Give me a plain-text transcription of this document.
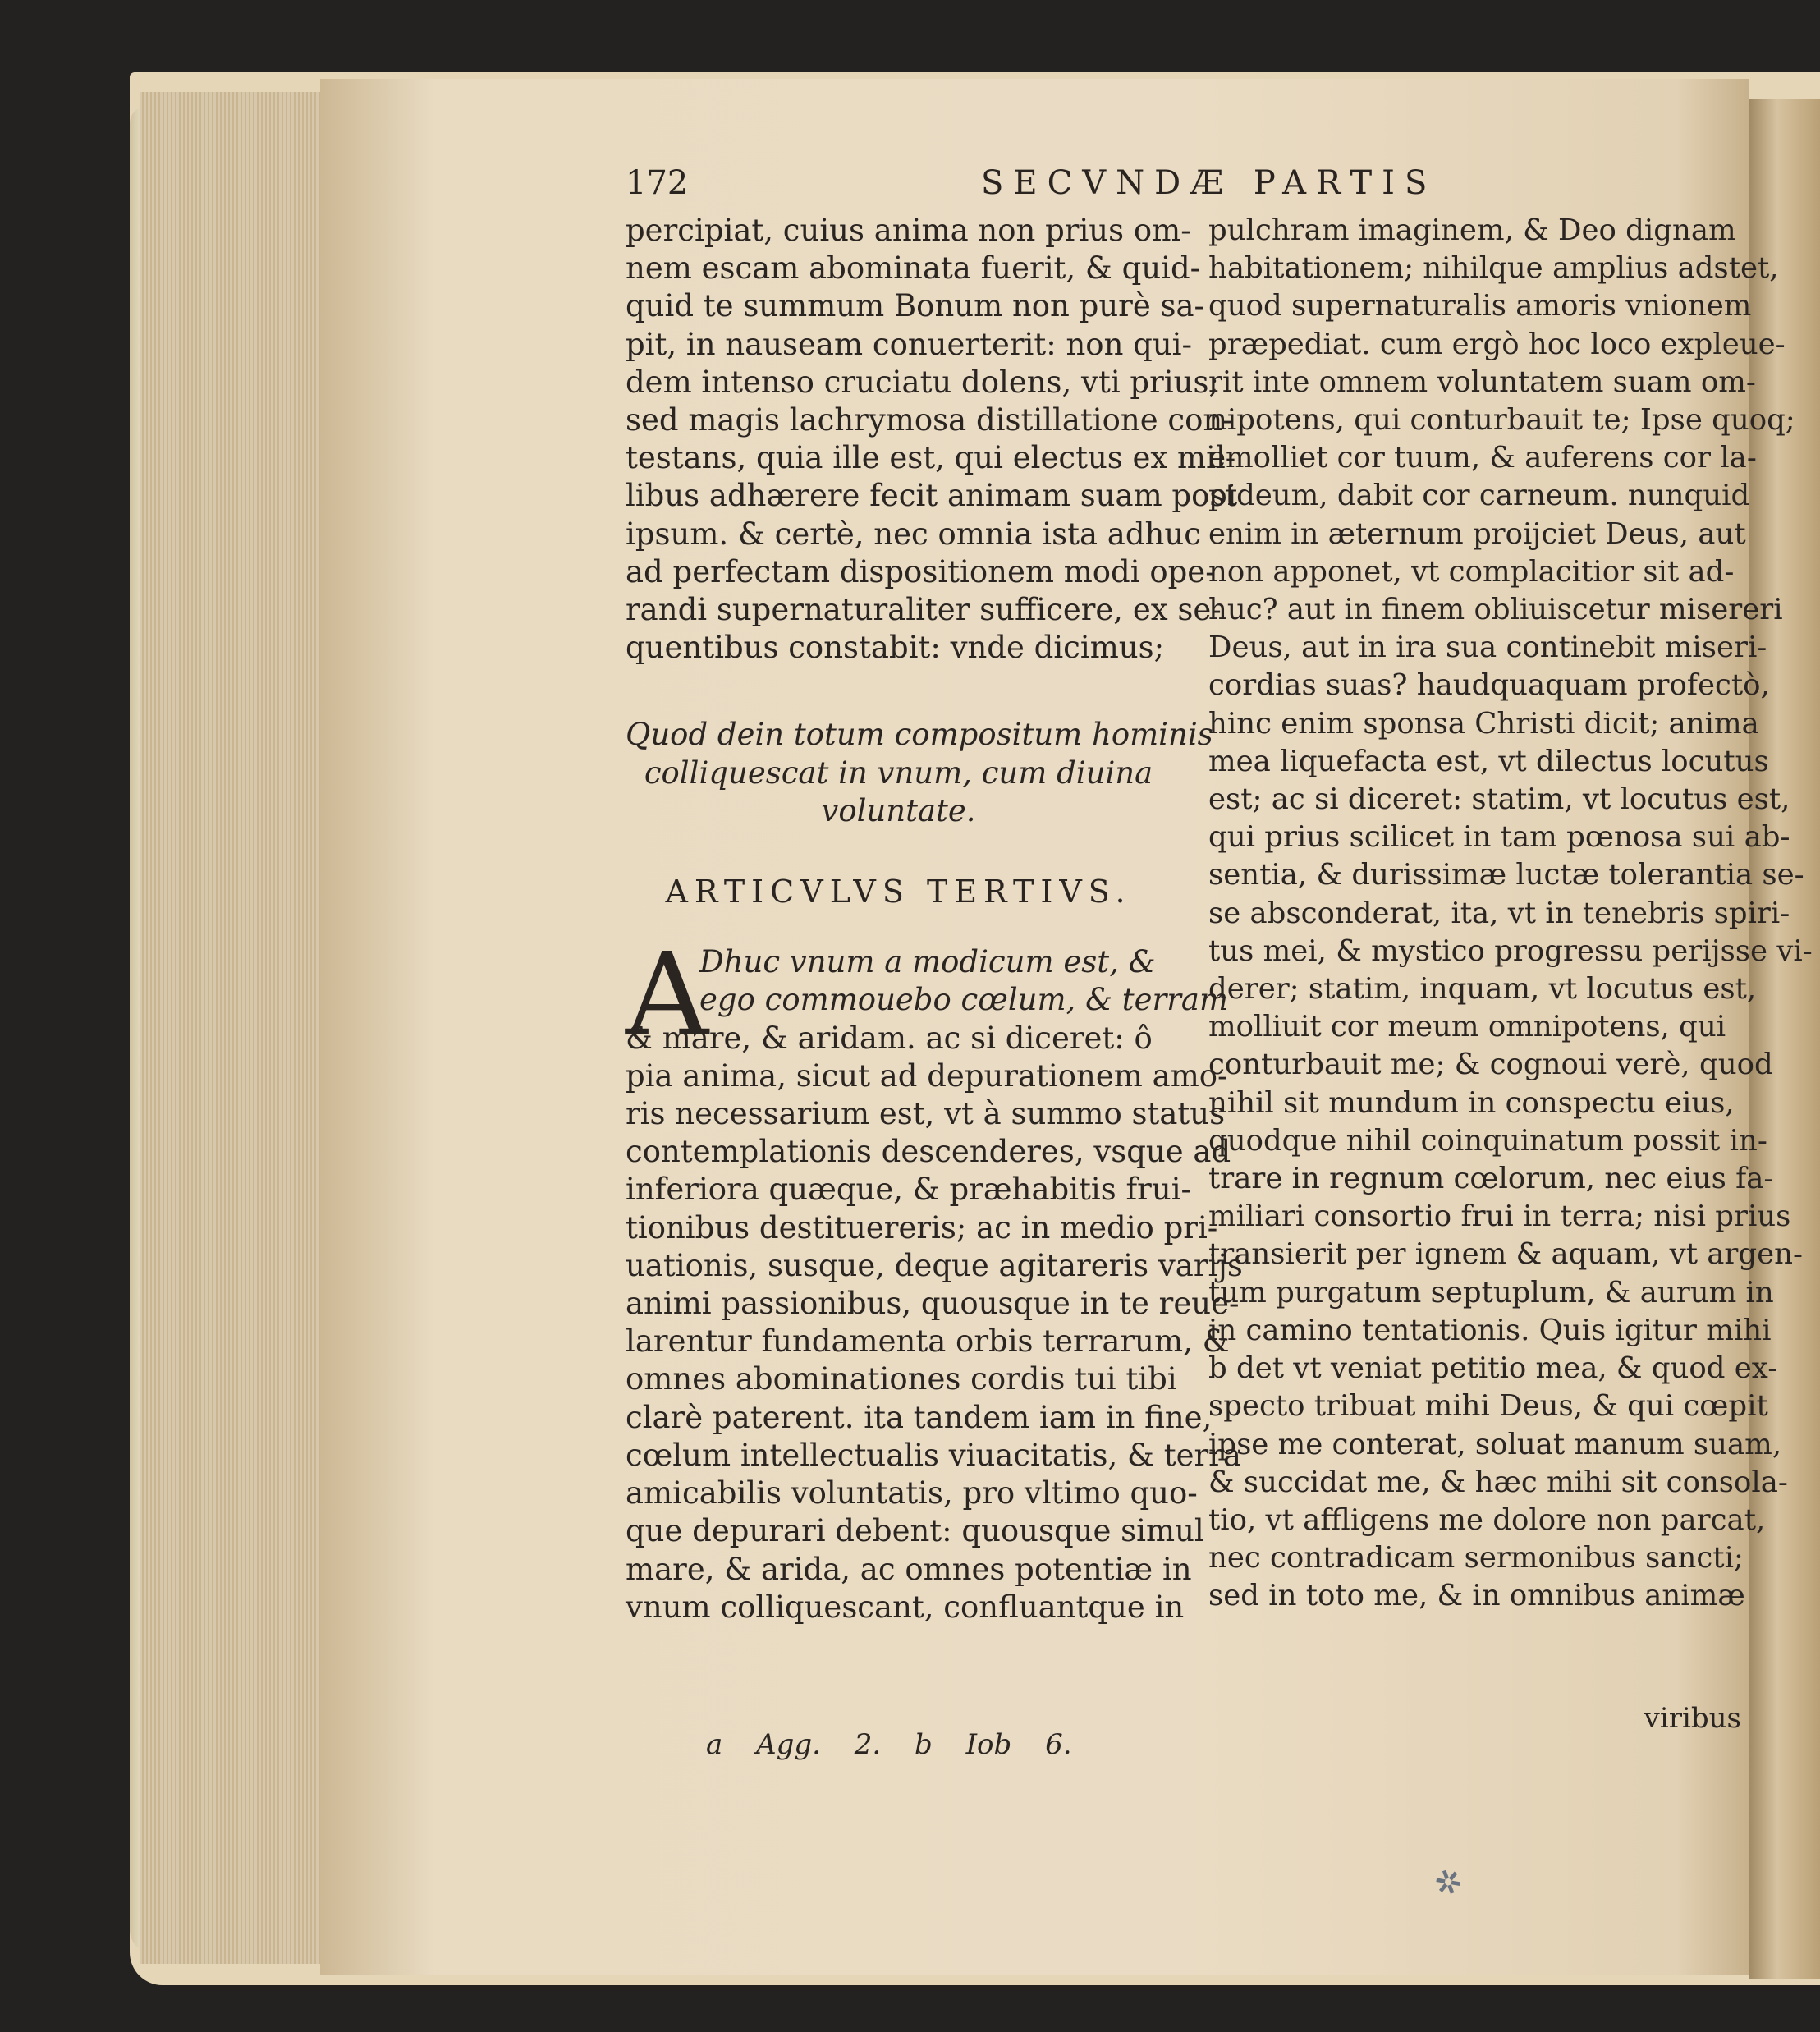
172	SECVNDÆ PARTIS

percipiat, cuius anima non prius om-

nem escam abominata fuerit, & quid-

quid te summum Bonum non purè sa-

pit, in nauseam conuerterit: non qui-

dem intenso cruciatu dolens, vti prius;

sed magis lachrymosa distillatione con-

testans, quia ille est, qui electus ex mil-

libus adhærere fecit animam suam post

ipsum. & certè, nec omnia ista adhuc

ad perfectam dispositionem modi ope-

randi supernaturaliter sufficere, ex se-

quentibus constabit: vnde dicimus;

Quod dein totum compositum hominis

colliquescat in vnum, cum diuina

voluntate.

ARTICVLVS TERTIVS.
A

Dhuc vnum a modicum est, &

ego commouebo cœlum, & terram

& mare, & aridam. ac si diceret: ô

pia anima, sicut ad depurationem amo-

ris necessarium est, vt à summo status

contemplationis descenderes, vsque ad

inferiora quæque, & præhabitis frui-

tionibus destituereris; ac in medio pri-

uationis, susque, deque agitareris varijs

animi passionibus, quousque in te reue-

larentur fundamenta orbis terrarum, &

omnes abominationes cordis tui tibi

clarè paterent. ita tandem iam in fine,

cœlum intellectualis viuacitatis, & terra

amicabilis voluntatis, pro vltimo quo-

que depurari debent: quousque simul

mare, & arida, ac omnes potentiæ in

vnum colliquescant, confluantque in

pulchram imaginem, & Deo dignam

habitationem; nihilque amplius adstet,

quod supernaturalis amoris vnionem

præpediat. cum ergò hoc loco expleue-

rit inte omnem voluntatem suam om-

nipotens, qui conturbauit te; Ipse quoq;

emolliet cor tuum, & auferens cor la-

pideum, dabit cor carneum. nunquid

enim in æternum proijciet Deus, aut

non apponet, vt complacitior sit ad-

huc? aut in finem obliuiscetur misereri

Deus, aut in ira sua continebit miseri-

cordias suas? haudquaquam profectò,

hinc enim sponsa Christi dicit; anima

mea liquefacta est, vt dilectus locutus

est; ac si diceret: statim, vt locutus est,

qui prius scilicet in tam pœnosa sui ab-

sentia, & durissimæ luctæ tolerantia se-

se absconderat, ita, vt in tenebris spiri-

tus mei, & mystico progressu perijsse vi-

derer; statim, inquam, vt locutus est,

molliuit cor meum omnipotens, qui

conturbauit me; & cognoui verè, quod

nihil sit mundum in conspectu eius,

quodque nihil coinquinatum possit in-

trare in regnum cœlorum, nec eius fa-

miliari consortio frui in terra; nisi prius

transierit per ignem & aquam, vt argen-

tum purgatum septuplum, & aurum in

in camino tentationis. Quis igitur mihi

b det vt veniat petitio mea, & quod ex-

specto tribuat mihi Deus, & qui cœpit

ipse me conterat, soluat manum suam,

& succidat me, & hæc mihi sit consola-

tio, vt affligens me dolore non parcat,

nec contradicam sermonibus sancti;

sed in toto me, & in omnibus animæ

viribus
a Agg. 2. b Iob 6.
✲
